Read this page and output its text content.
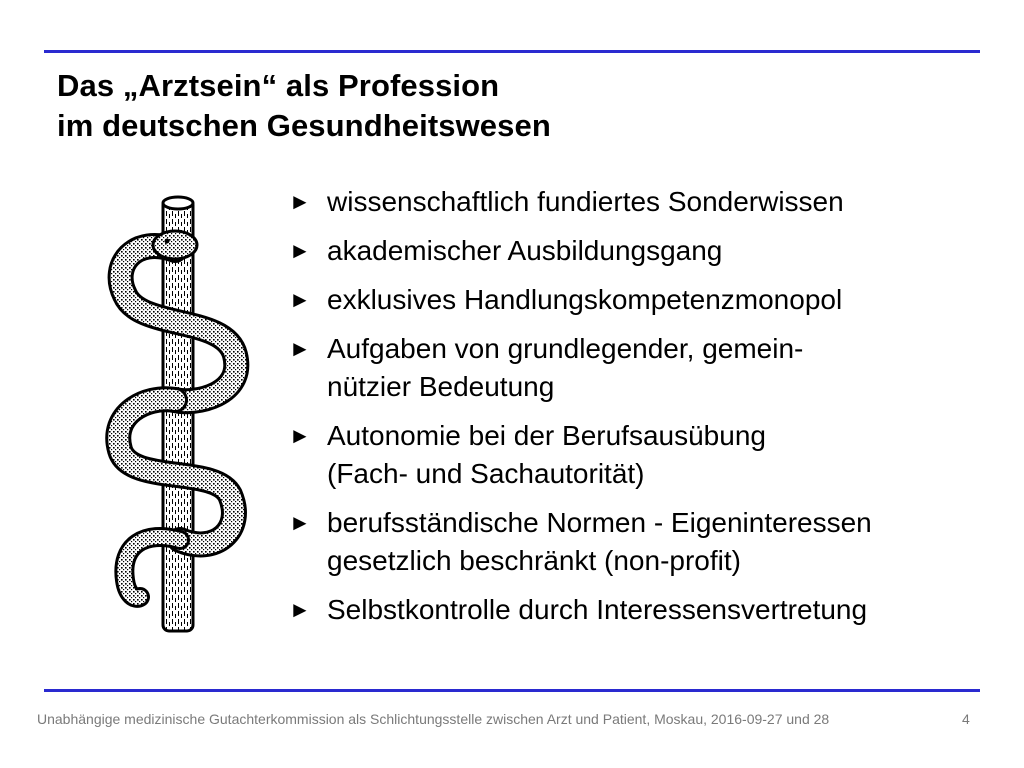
Das „Arztsein“ als Profession
im deutschen Gesundheitswesen
► wissenschaftlich fundiertes Sonderwissen
► akademischer Ausbildungsgang
► exklusives Handlungskompetenzmonopol
► Aufgaben von grundlegender, gemein-
nützier Bedeutung
► Autonomie bei der Berufsausübung
(Fach- und Sachautorität)
► berufsständische Normen - Eigeninteressen
gesetzlich beschränkt (non-profit)
► Selbstkontrolle durch Interessensvertretung
Unabhängige medizinische Gutachterkommission als Schlichtungsstelle zwischen Arzt und Patient, Moskau, 2016-09-27 und 28	4
